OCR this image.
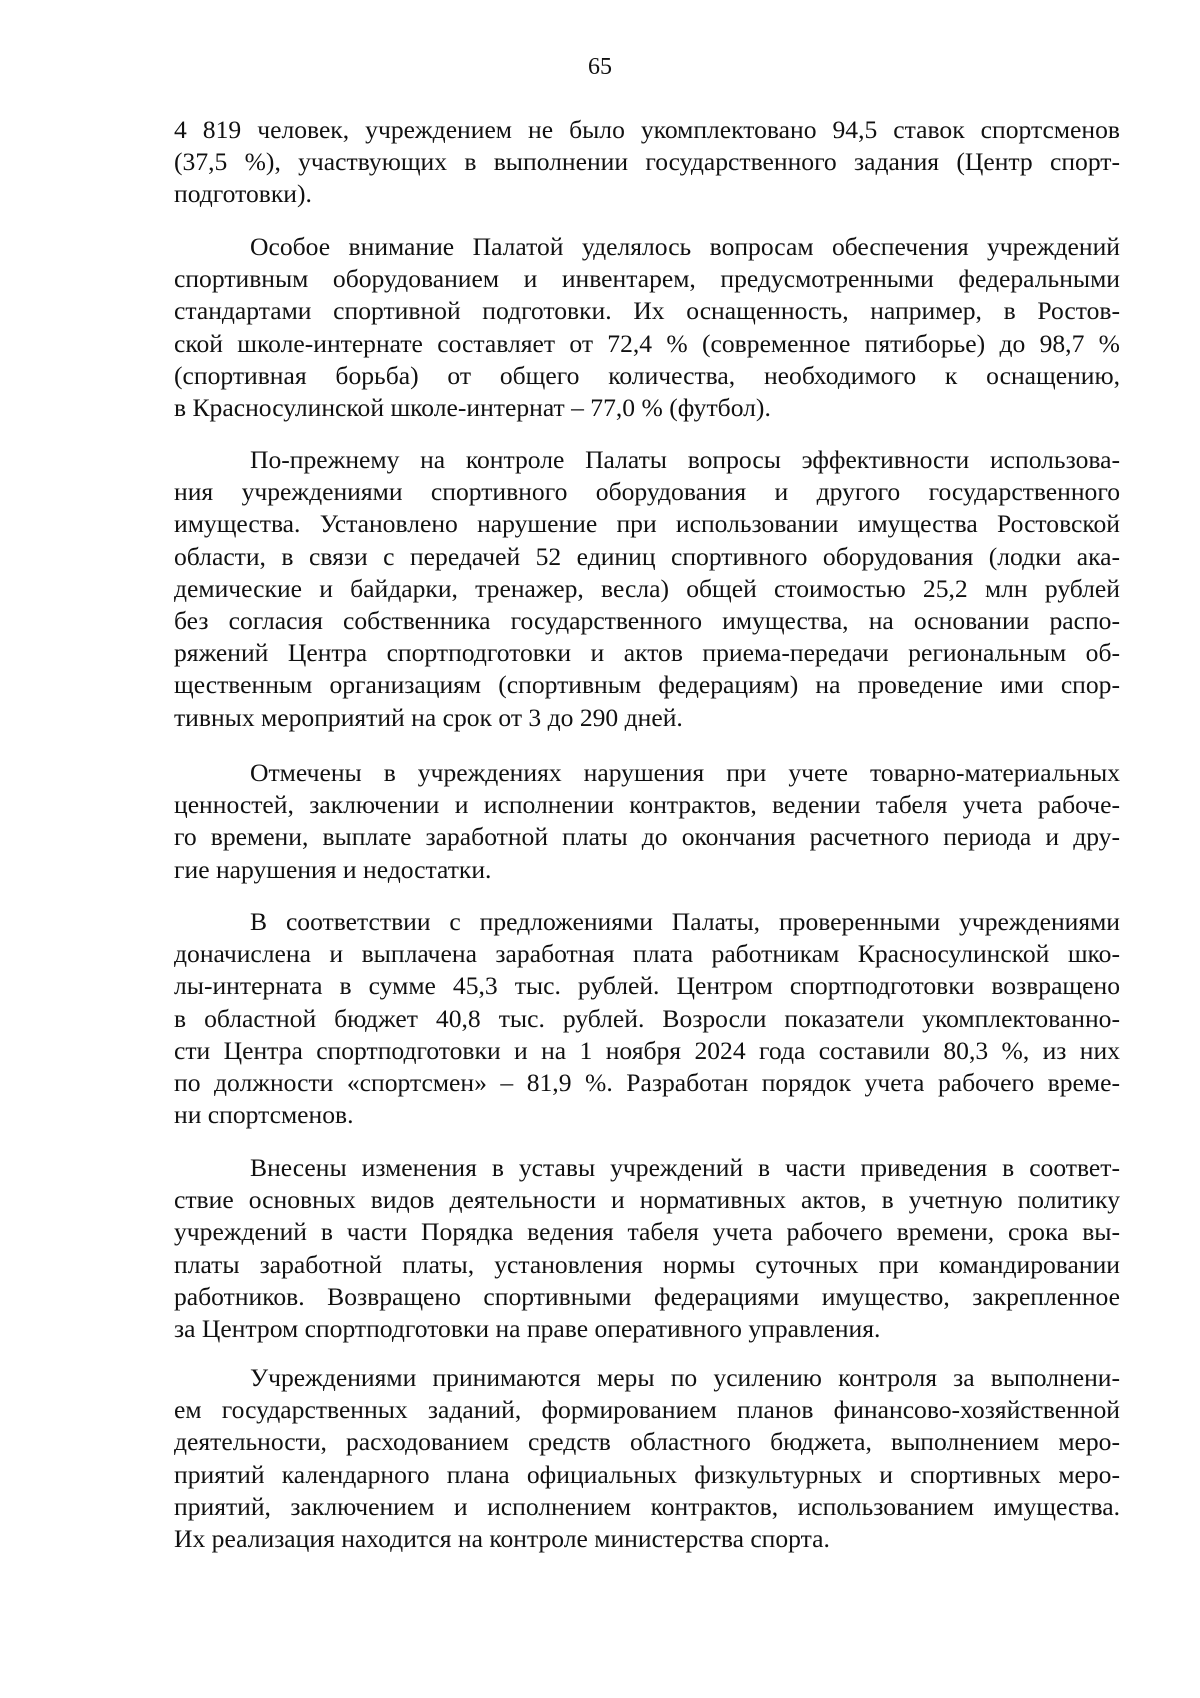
65
4 819 человек, учреждением не было укомплектовано 94,5 ставок спортсменов
(37,5 %), участвующих в выполнении государственного задания (Центр спорт-
подготовки).
Особое внимание Палатой уделялось вопросам обеспечения учреждений
спортивным оборудованием и инвентарем, предусмотренными федеральными
стандартами спортивной подготовки. Их оснащенность, например, в Ростов-
ской школе-интернате составляет от 72,4 % (современное пятиборье) до 98,7 %
(спортивная борьба) от общего количества, необходимого к оснащению,
в Красносулинской школе-интернат – 77,0 % (футбол).
По-прежнему на контроле Палаты вопросы эффективности использова-
ния учреждениями спортивного оборудования и другого государственного
имущества. Установлено нарушение при использовании имущества Ростовской
области, в связи с передачей 52 единиц спортивного оборудования (лодки ака-
демические и байдарки, тренажер, весла) общей стоимостью 25,2 млн рублей
без согласия собственника государственного имущества, на основании распо-
ряжений Центра спортподготовки и актов приема-передачи региональным об-
щественным организациям (спортивным федерациям) на проведение ими спор-
тивных мероприятий на срок от 3 до 290 дней.
Отмечены в учреждениях нарушения при учете товарно-материальных
ценностей, заключении и исполнении контрактов, ведении табеля учета рабоче-
го времени, выплате заработной платы до окончания расчетного периода и дру-
гие нарушения и недостатки.
В соответствии с предложениями Палаты, проверенными учреждениями
доначислена и выплачена заработная плата работникам Красносулинской шко-
лы-интерната в сумме 45,3 тыс. рублей. Центром спортподготовки возвращено
в областной бюджет 40,8 тыс. рублей. Возросли показатели укомплектованно-
сти Центра спортподготовки и на 1 ноября 2024 года составили 80,3 %, из них
по должности «спортсмен» – 81,9 %. Разработан порядок учета рабочего време-
ни спортсменов.
Внесены изменения в уставы учреждений в части приведения в соответ-
ствие основных видов деятельности и нормативных актов, в учетную политику
учреждений в части Порядка ведения табеля учета рабочего времени, срока вы-
платы заработной платы, установления нормы суточных при командировании
работников. Возвращено спортивными федерациями имущество, закрепленное
за Центром спортподготовки на праве оперативного управления.
Учреждениями принимаются меры по усилению контроля за выполнени-
ем государственных заданий, формированием планов финансово-хозяйственной
деятельности, расходованием средств областного бюджета, выполнением меро-
приятий календарного плана официальных физкультурных и спортивных меро-
приятий, заключением и исполнением контрактов, использованием имущества.
Их реализация находится на контроле министерства спорта.
